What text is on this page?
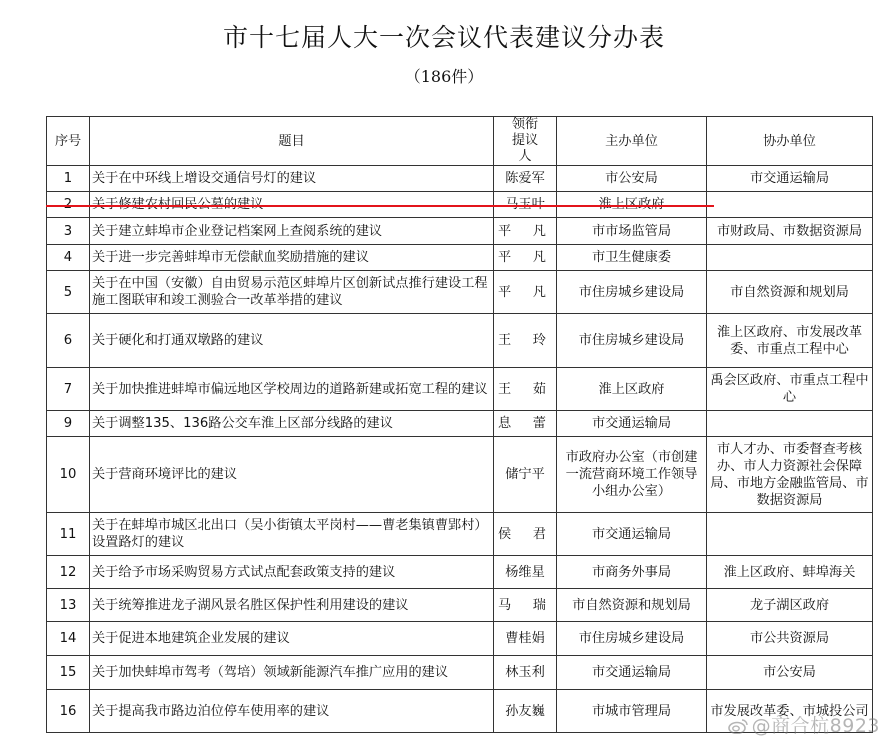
市十七届人大一次会议代表建议分办表
（186件）
序号	题目	领衔提议人	主办单位	协办单位
1	关于在中环线上增设交通信号灯的建议	陈爱军	市公安局	市交通运输局
2	关于修建农村回民公墓的建议	马玉叶	淮上区政府	
3	关于建立蚌埠市企业登记档案网上查阅系统的建议	平凡	市市场监管局	市财政局、市数据资源局
4	关于进一步完善蚌埠市无偿献血奖励措施的建议	平凡	市卫生健康委	
5	关于在中国（安徽）自由贸易示范区蚌埠片区创新试点推行建设工程施工图联审和竣工测验合一改革举措的建议	平凡	市住房城乡建设局	市自然资源和规划局
6	关于硬化和打通双墩路的建议	王玲	市住房城乡建设局	淮上区政府、市发展改革委、市重点工程中心
7	关于加快推进蚌埠市偏远地区学校周边的道路新建或拓宽工程的建议	王茹	淮上区政府	禹会区政府、市重点工程中心
9	关于调整135、136路公交车淮上区部分线路的建议	息蕾	市交通运输局	
10	关于营商环境评比的建议	储宁平	市政府办公室（市创建一流营商环境工作领导小组办公室）	市人才办、市委督查考核办、市人力资源社会保障局、市地方金融监管局、市数据资源局
11	关于在蚌埠市城区北出口（吴小街镇太平岗村——曹老集镇曹郢村）设置路灯的建议	侯君	市交通运输局	
12	关于给予市场采购贸易方式试点配套政策支持的建议	杨维星	市商务外事局	淮上区政府、蚌埠海关
13	关于统筹推进龙子湖风景名胜区保护性利用建设的建议	马瑞	市自然资源和规划局	龙子湖区政府
14	关于促进本地建筑企业发展的建议	曹桂娟	市住房城乡建设局	市公共资源局
15	关于加快蚌埠市驾考（驾培）领域新能源汽车推广应用的建议	林玉利	市交通运输局	市公安局
16	关于提高我市路边泊位停车使用率的建议	孙友巍	市城市管理局	市发展改革委、市城投公司
@商合杭8923
